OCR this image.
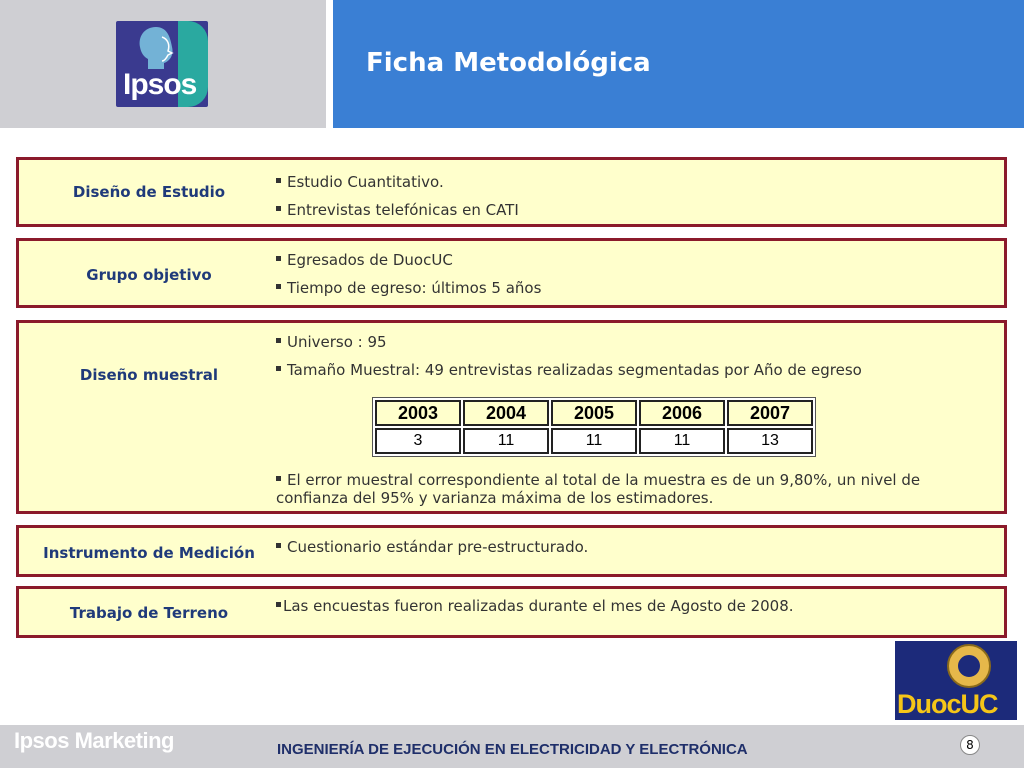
Ipsos
Ficha Metodológica
Diseño de Estudio
Estudio Cuantitativo.
Entrevistas telefónicas en CATI
Grupo objetivo
Egresados de DuocUC
Tiempo de egreso: últimos 5 años
Diseño muestral
Universo : 95
Tamaño Muestral: 49 entrevistas realizadas segmentadas por Año de egreso
El error muestral correspondiente al total de la muestra es de un 9,80%, un nivel de
confianza del 95% y varianza máxima de los estimadores.
2003	2004	2005	2006	2007
3	11	11	11	13
Instrumento de Medición	Cuestionario estándar pre-estructurado.
Trabajo de Terreno	Las encuestas fueron realizadas durante el mes de Agosto de 2008.
DuocUC
Ipsos Marketing	INGENIERÍA DE EJECUCIÓN EN ELECTRICIDAD Y ELECTRÓNICA	8
